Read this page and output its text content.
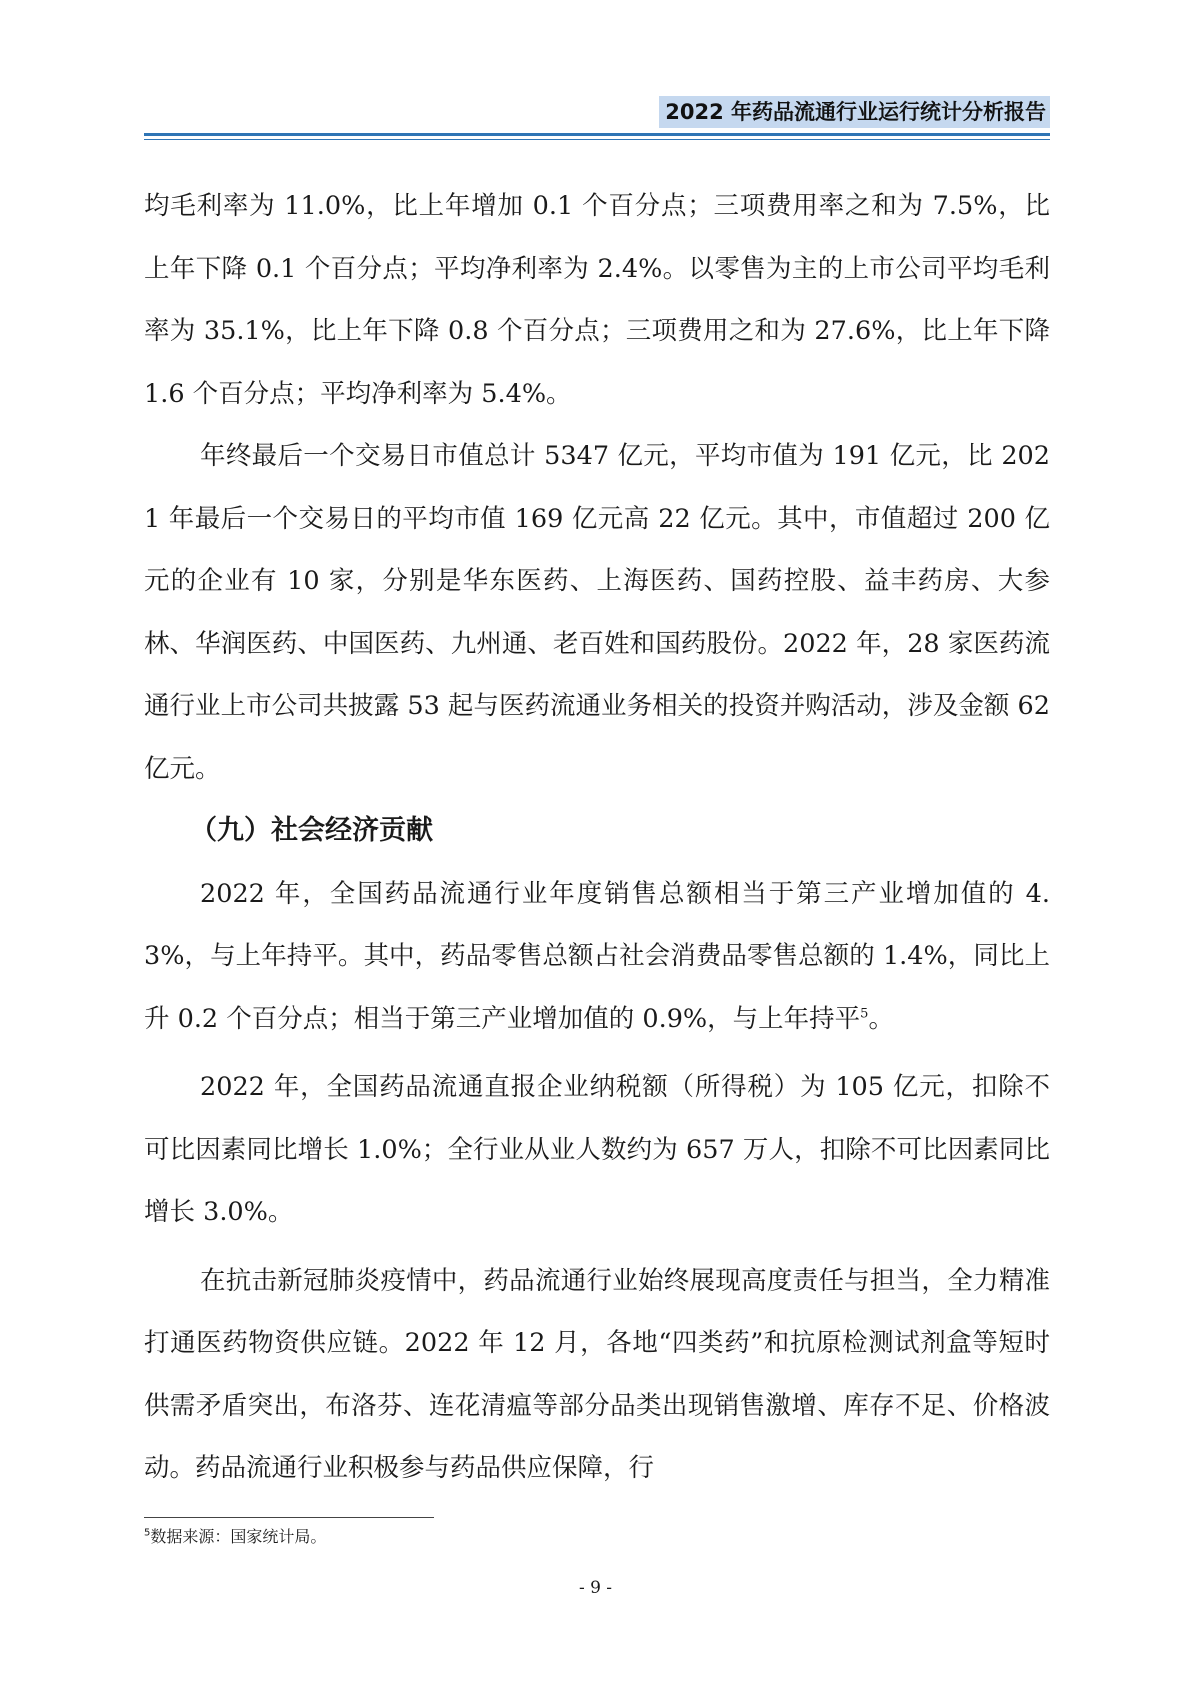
2022 年药品流通行业运行统计分析报告

均毛利率为 11.0%，比上年增加 0.1 个百分点；三项费用率之和为 7.5%，比上年下降 0.1 个百分点；平均净利率为 2.4%。以零售为主的上市公司平均毛利率为 35.1%，比上年下降 0.8 个百分点；三项费用之和为 27.6%，比上年下降 1.6 个百分点；平均净利率为 5.4%。

年终最后一个交易日市值总计 5347 亿元，平均市值为 191 亿元，比 2021 年最后一个交易日的平均市值 169 亿元高 22 亿元。其中，市值超过 200 亿元的企业有 10 家，分别是华东医药、上海医药、国药控股、益丰药房、大参林、华润医药、中国医药、九州通、老百姓和国药股份。2022 年，28 家医药流通行业上市公司共披露 53 起与医药流通业务相关的投资并购活动，涉及金额 62 亿元。

（九）社会经济贡献

2022 年，全国药品流通行业年度销售总额相当于第三产业增加值的 4.3%，与上年持平。其中，药品零售总额占社会消费品零售总额的 1.4%，同比上升 0.2 个百分点；相当于第三产业增加值的 0.9%，与上年持平$^5$。

2022 年，全国药品流通直报企业纳税额（所得税）为 105 亿元，扣除不可比因素同比增长 1.0%；全行业从业人数约为 657 万人，扣除不可比因素同比增长 3.0%。

在抗击新冠肺炎疫情中，药品流通行业始终展现高度责任与担当，全力精准打通医药物资供应链。2022 年 12 月，各地“四类药”和抗原检测试剂盒等短时供需矛盾突出，布洛芬、连花清瘟等部分品类出现销售激增、库存不足、价格波动。药品流通行业积极参与药品供应保障，行

$^5$数据来源：国家统计局。
- 9 -
